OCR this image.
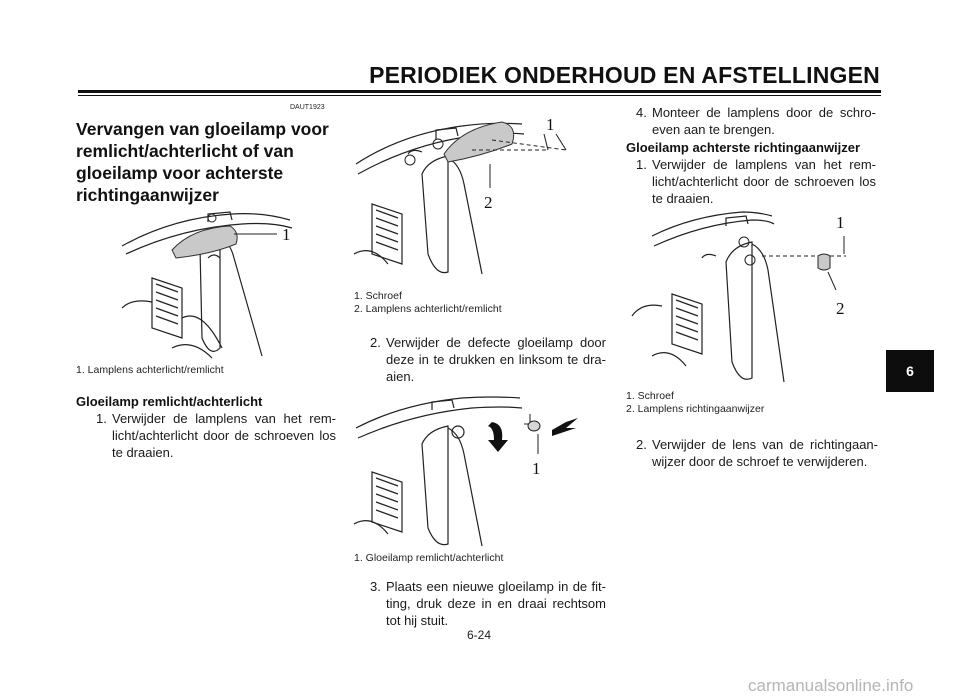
PERIODIEK ONDERHOUD EN AFSTELLINGEN
DAUT1923
Vervangen van gloeilamp voor remlicht/achterlicht of van gloeilamp voor achterste richtingaanwijzer
1
1. Lamplens achterlicht/remlicht
Gloeilamp remlicht/achterlicht
1. Verwijder de lamplens van het remlicht/achterlicht door de schroeven los te draaien.
1
2
1. Schroef
2. Lamplens achterlicht/remlicht
2. Verwijder de defecte gloeilamp door deze in te drukken en linksom te draaien.
1
1. Gloeilamp remlicht/achterlicht
3. Plaats een nieuwe gloeilamp in de fitting, druk deze in en draai rechtsom tot hij stuit.
4. Monteer de lamplens door de schroeven aan te brengen.
Gloeilamp achterste richtingaanwijzer
1. Verwijder de lamplens van het remlicht/achterlicht door de schroeven los te draaien.
1
2
1. Schroef
2. Lamplens richtingaanwijzer
2. Verwijder de lens van de richtingaanwijzer door de schroef te verwijderen.
6-24
6
carmanualsonline.info
